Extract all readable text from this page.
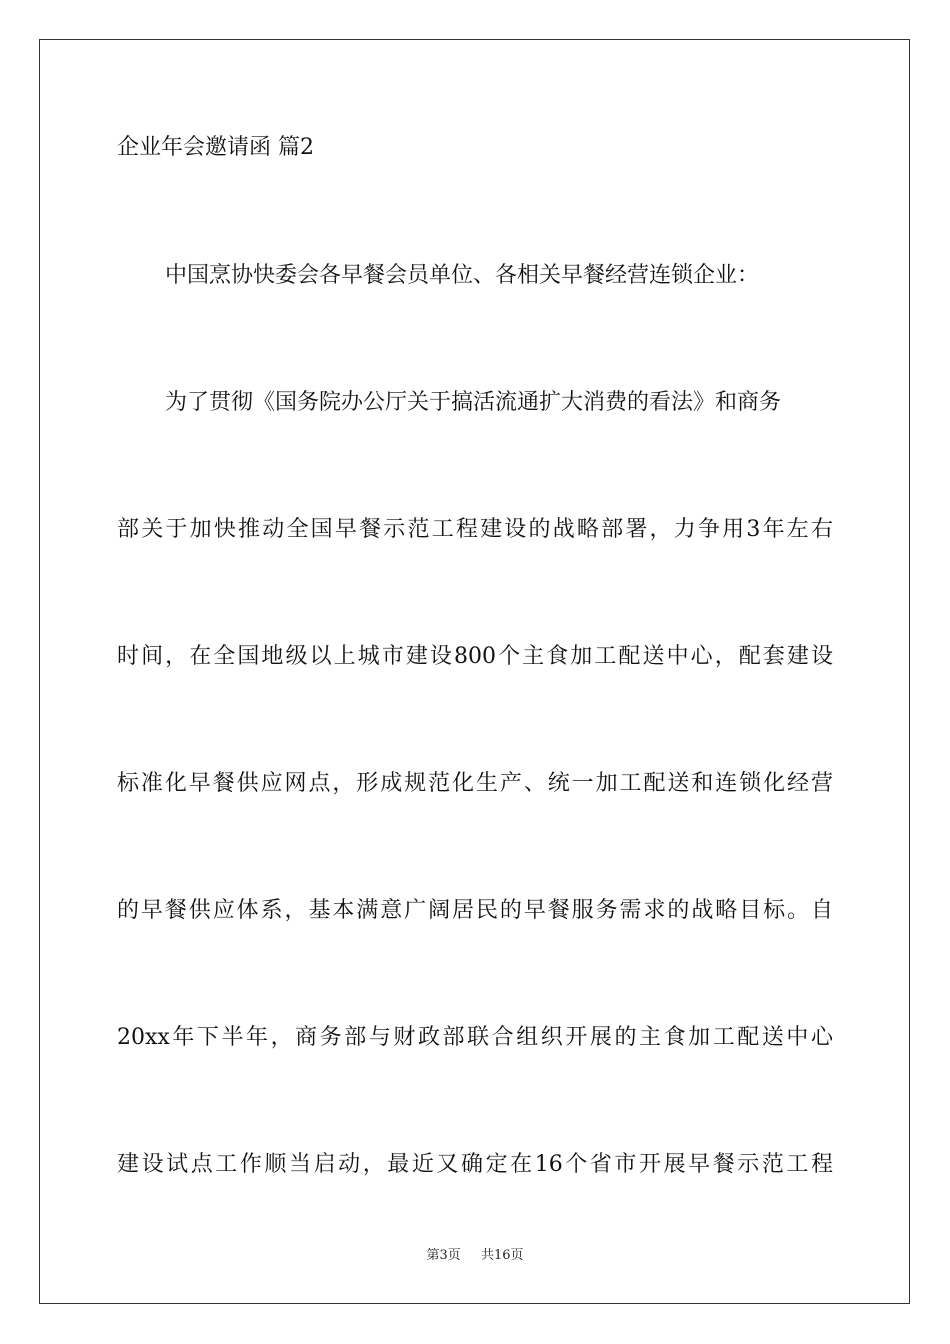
企业年会邀请函 篇2
中国烹协快委会各早餐会员单位、各相关早餐经营连锁企业：
为了贯彻《国务院办公厅关于搞活流通扩大消费的看法》和商务
部关于加快推动全国早餐示范工程建设的战略部署，力争用3年左右
时间，在全国地级以上城市建设800个主食加工配送中心，配套建设
标准化早餐供应网点，形成规范化生产、统一加工配送和连锁化经营
的早餐供应体系，基本满意广阔居民的早餐服务需求的战略目标。自
20xx年下半年，商务部与财政部联合组织开展的主食加工配送中心
建设试点工作顺当启动，最近又确定在16个省市开展早餐示范工程
第3页 共16页
